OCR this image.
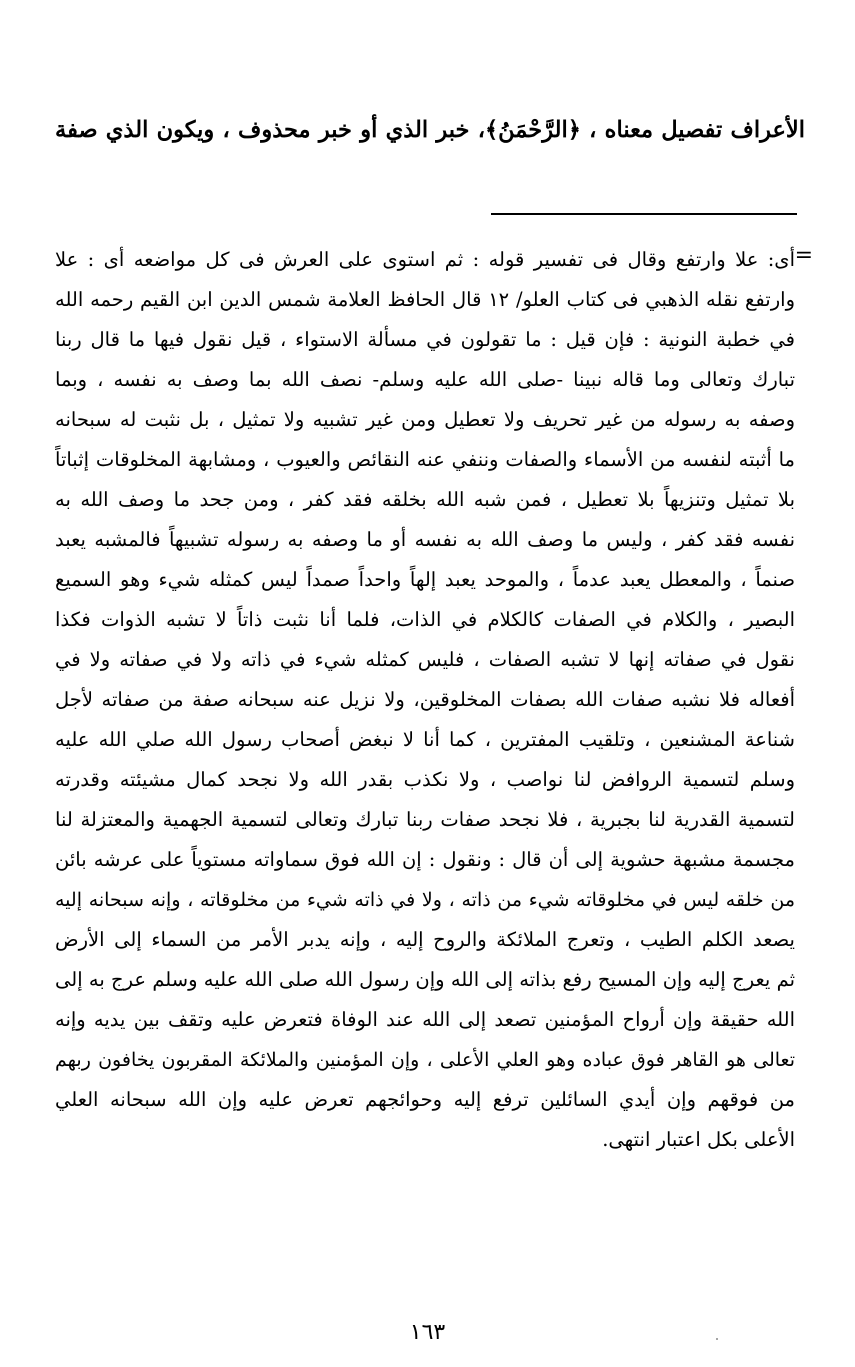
الأعراف تفصيل معناه ، ﴿الرَّحْمَنُ﴾، خبر الذي أو خبر محذوف ، ويكون الذي صفة
=
أى: علا وارتفع وقال فى تفسير قوله : ثم استوى على العرش فى كل مواضعه أى : علا
وارتفع نقله الذهبي فى كتاب العلو/ ١٢ قال الحافظ العلامة شمس الدين ابن القيم رحمه الله
في خطبة النونية : فإن قيل : ما تقولون في مسألة الاستواء ، قيل نقول فيها ما قال ربنا
تبارك وتعالى وما قاله نبينا -صلى الله عليه وسلم- نصف الله بما وصف به نفسه ، وبما
وصفه به رسوله من غير تحريف ولا تعطيل ومن غير تشبيه ولا تمثيل ، بل نثبت له سبحانه
ما أثبته لنفسه من الأسماء والصفات وننفي عنه النقائص والعيوب ، ومشابهة المخلوقات إثباتاً
بلا تمثيل وتنزيهاً بلا تعطيل ، فمن شبه الله بخلقه فقد كفر ، ومن جحد ما وصف الله به
نفسه فقد كفر ، وليس ما وصف الله به نفسه أو ما وصفه به رسوله تشبيهاً فالمشبه يعبد
صنماً ، والمعطل يعبد عدماً ، والموحد يعبد إلهاً واحداً صمداً ليس كمثله شيء وهو السميع
البصير ، والكلام في الصفات كالكلام في الذات، فلما أنا نثبت ذاتاً لا تشبه الذوات فكذا
نقول في صفاته إنها لا تشبه الصفات ، فليس كمثله شيء في ذاته ولا في صفاته ولا في
أفعاله فلا نشبه صفات الله بصفات المخلوقين، ولا نزيل عنه سبحانه صفة من صفاته لأجل
شناعة المشنعين ، وتلقيب المفترين ، كما أنا لا نبغض أصحاب رسول الله صلي الله عليه
وسلم لتسمية الروافض لنا نواصب ، ولا نكذب بقدر الله ولا نجحد كمال مشيئته وقدرته
لتسمية القدرية لنا بجبرية ، فلا نجحد صفات ربنا تبارك وتعالى لتسمية الجهمية والمعتزلة لنا
مجسمة مشبهة حشوية إلى أن قال : ونقول : إن الله فوق سماواته مستوياً على عرشه بائن
من خلقه ليس في مخلوقاته شيء من ذاته ، ولا في ذاته شيء من مخلوقاته ، وإنه سبحانه إليه
يصعد الكلم الطيب ، وتعرج الملائكة والروح إليه ، وإنه يدبر الأمر من السماء إلى الأرض
ثم يعرج إليه وإن المسيح رفع بذاته إلى الله وإن رسول الله صلى الله عليه وسلم عرج به إلى
الله حقيقة وإن أرواح المؤمنين تصعد إلى الله عند الوفاة فتعرض عليه وتقف بين يديه وإنه
تعالى هو القاهر فوق عباده وهو العلي الأعلى ، وإن المؤمنين والملائكة المقربون يخافون ربهم
من فوقهم وإن أيدي السائلين ترفع إليه وحوائجهم تعرض عليه وإن الله سبحانه العلي
الأعلى بكل اعتبار انتهى.
١٦٣
